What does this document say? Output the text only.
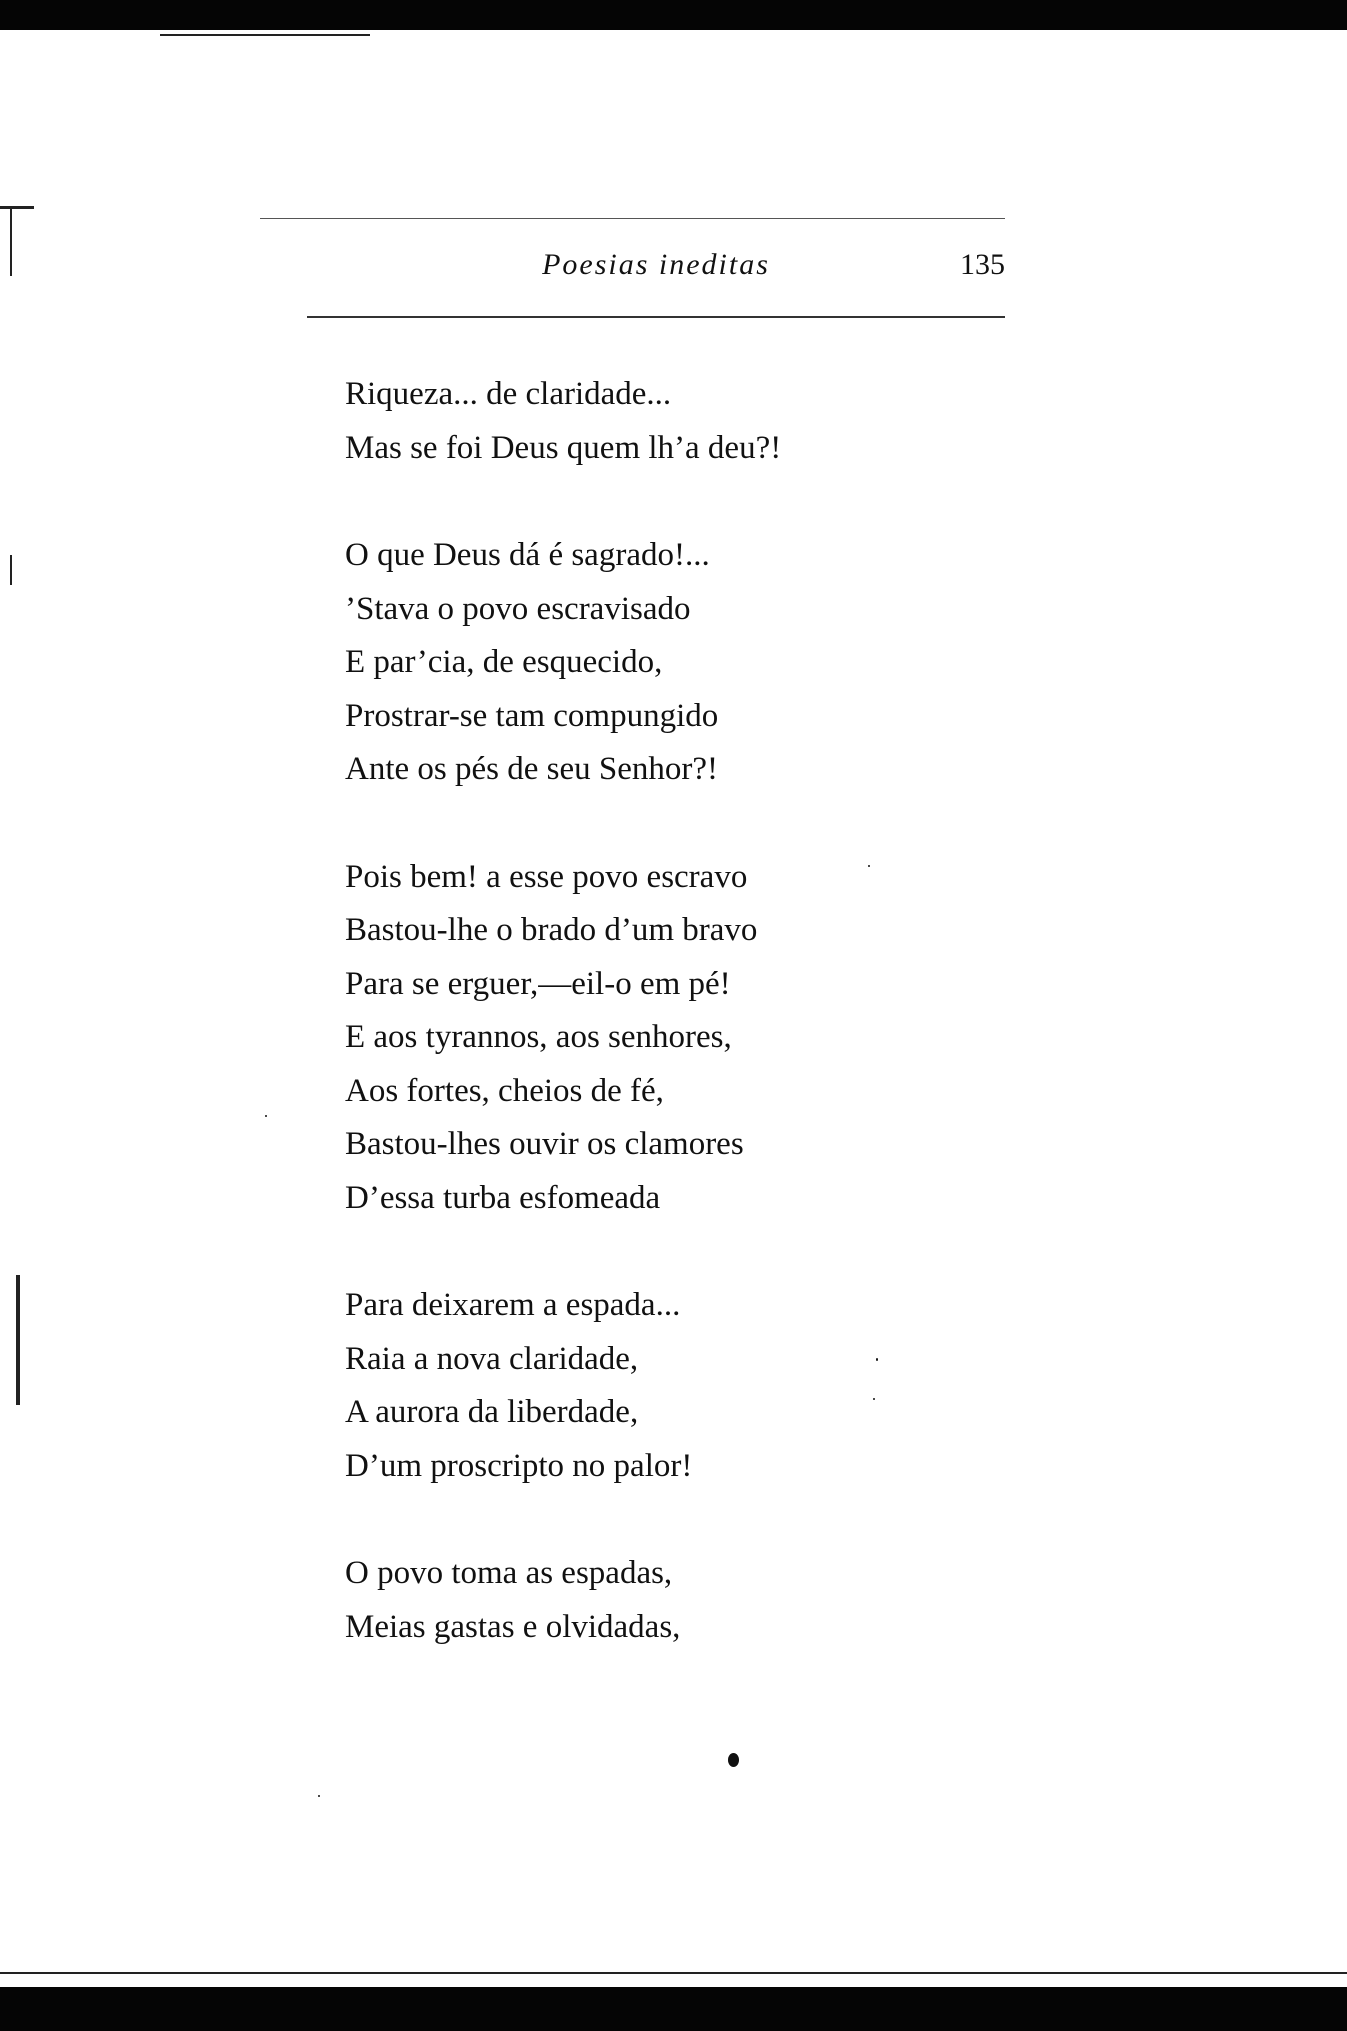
Poesias ineditas	135

Riqueza... de claridade...

Mas se foi Deus quem lh’a deu?!

O que Deus dá é sagrado!...

’Stava o povo escravisado

E par’cia, de esquecido,

Prostrar-se tam compungido

Ante os pés de seu Senhor?!

Pois bem! a esse povo escravo

Bastou-lhe o brado d’um bravo

Para se erguer,—eil-o em pé!

E aos tyrannos, aos senhores,

Aos fortes, cheios de fé,

Bastou-lhes ouvir os clamores

D’essa turba esfomeada

Para deixarem a espada...

Raia a nova claridade,

A aurora da liberdade,

D’um proscripto no palor!

O povo toma as espadas,

Meias gastas e olvidadas,
